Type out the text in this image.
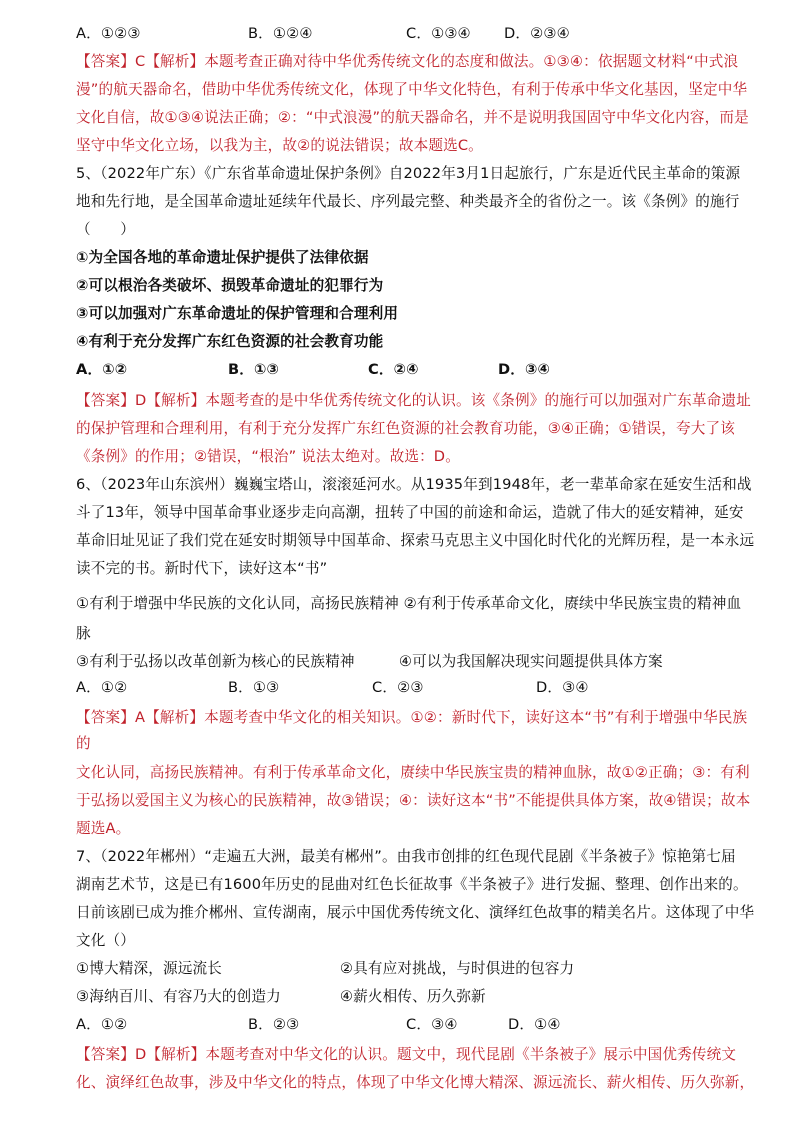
A．①②③	B．①②④	C．①③④ D．②③④
【答案】C【解析】本题考查正确对待中华优秀传统文化的态度和做法。①③④：依据题文材料“中式浪
漫”的航天器命名，借助中华优秀传统文化，体现了中华文化特色，有利于传承中华文化基因，坚定中华
文化自信，故①③④说法正确；②：“中式浪漫”的航天器命名，并不是说明我国固守中华文化内容，而是
坚守中华文化立场，以我为主，故②的说法错误；故本题选C。
5、（2022年广东）《广东省革命遗址保护条例》自2022年3月1日起旅行，广东是近代民主革命的策源
地和先行地，是全国革命遗址延续年代最长、序列最完整、种类最齐全的省份之一。该《条例》的施行
（　　）
①为全国各地的革命遗址保护提供了法律依据
②可以根治各类破坏、损毁革命遗址的犯罪行为
③可以加强对广东革命遗址的保护管理和合理利用
④有利于充分发挥广东红色资源的社会教育功能
A．①②	B．①③	C．②④	D．③④
【答案】D【解析】本题考查的是中华优秀传统文化的认识。该《条例》的施行可以加强对广东革命遗址
的保护管理和合理利用，有利于充分发挥广东红色资源的社会教育功能，③④正确；①错误，夸大了该
《条例》的作用；②错误，“根治” 说法太绝对。故选：D。
6、（2023年山东滨州）巍巍宝塔山，滚滚延河水。从1935年到1948年，老一辈革命家在延安生活和战
斗了13年，领导中国革命事业逐步走向高潮，扭转了中国的前途和命运，造就了伟大的延安精神，延安
革命旧址见证了我们党在延安时期领导中国革命、探索马克思主义中国化时代化的光辉历程，是一本永远
读不完的书。新时代下，读好这本“书”
①有利于增强中华民族的文化认同，高扬民族精神 ②有利于传承革命文化，赓续中华民族宝贵的精神血
脉
③有利于弘扬以改革创新为核心的民族精神　　　④可以为我国解决现实问题提供具体方案
A．①②	B．①③	C．②③	D．③④
【答案】A【解析】本题考查中华文化的相关知识。①②：新时代下，读好这本“书”有利于增强中华民族
的
文化认同，高扬民族精神。有利于传承革命文化，赓续中华民族宝贵的精神血脉，故①②正确；③：有利
于弘扬以爱国主义为核心的民族精神，故③错误；④：读好这本“书”不能提供具体方案，故④错误；故本
题选A。
7、（2022年郴州）“走遍五大洲，最美有郴州”。由我市创排的红色现代昆剧《半条被子》惊艳第七届
湖南艺术节，这是已有1600年历史的昆曲对红色长征故事《半条被子》进行发掘、整理、创作出来的。
日前该剧已成为推介郴州、宣传湖南，展示中国优秀传统文化、演绎红色故事的精美名片。这体现了中华
文化（）
①博大精深，源远流长　　　　　　　　②具有应对挑战，与时俱进的包容力
③海纳百川、有容乃大的创造力　　　　④薪火相传、历久弥新
A．①②	B．②③	C．③④	D．①④
【答案】D【解析】本题考查对中华文化的认识。题文中，现代昆剧《半条被子》展示中国优秀传统文
化、演绎红色故事，涉及中华文化的特点，体现了中华文化博大精深、源远流长、薪火相传、历久弥新，
